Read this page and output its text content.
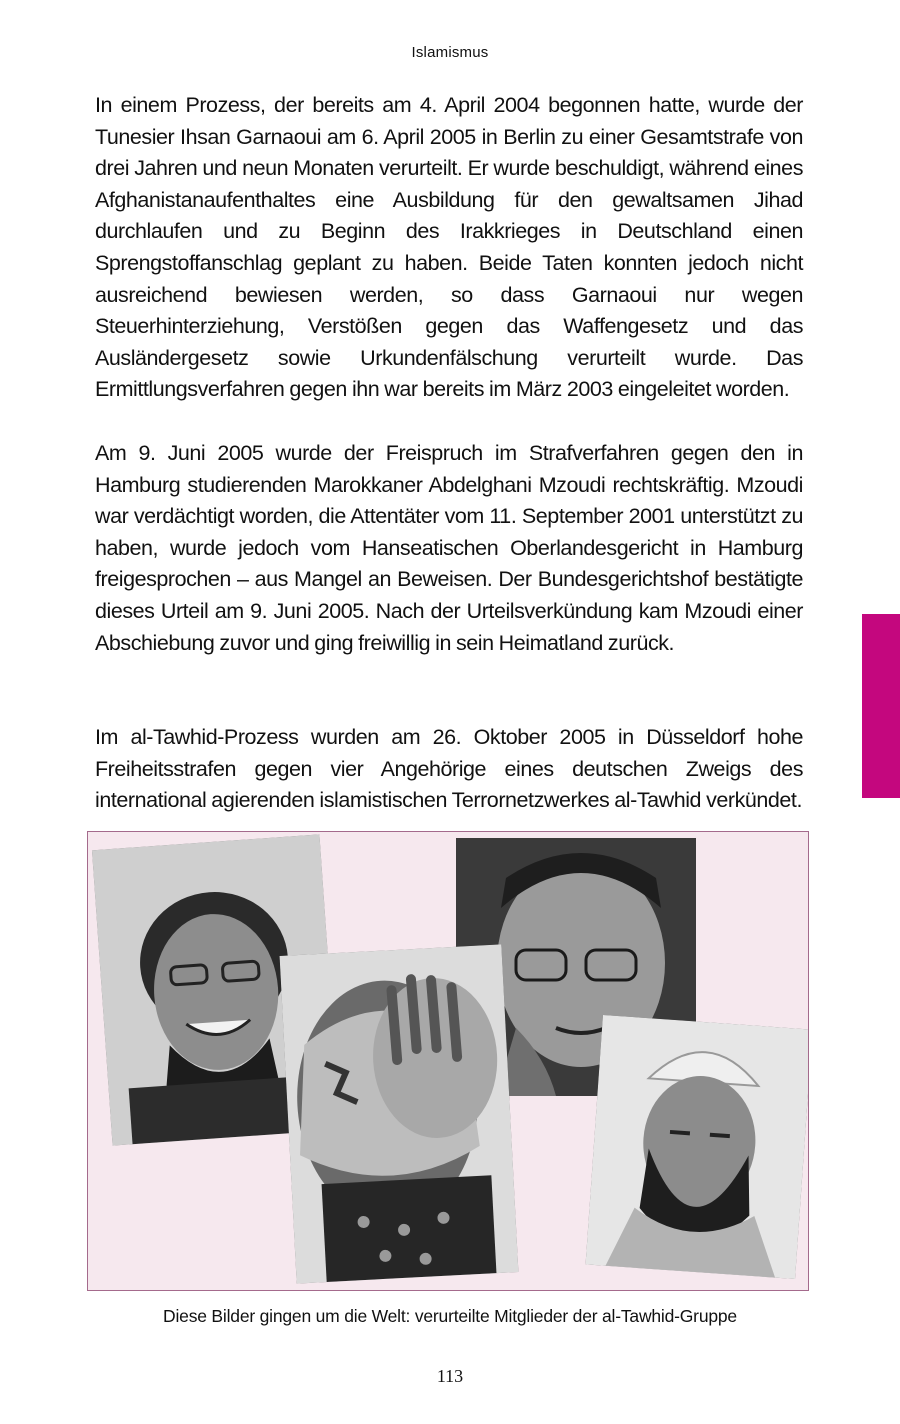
Islamismus
In einem Prozess, der bereits am 4. April 2004 begonnen hatte, wurde der Tunesier Ihsan Garnaoui am 6. April 2005 in Berlin zu einer Gesamtstrafe von drei Jahren und neun Monaten verurteilt. Er wurde beschuldigt, während eines Afghanistanaufenthaltes eine Ausbildung für den gewaltsamen Jihad durchlaufen und zu Beginn des Irakkrieges in Deutschland einen Sprengstoffanschlag geplant zu haben. Beide Taten konnten jedoch nicht ausreichend bewiesen werden, so dass Garnaoui nur wegen Steuerhinterziehung, Verstößen gegen das Waffengesetz und das Ausländergesetz sowie Urkundenfälschung verurteilt wurde. Das Ermittlungsverfahren gegen ihn war bereits im März 2003 eingeleitet worden.
Am 9. Juni 2005 wurde der Freispruch im Strafverfahren gegen den in Hamburg studierenden Marokkaner Abdelghani Mzoudi rechtskräftig. Mzoudi war verdächtigt worden, die Attentäter vom 11. September 2001 unterstützt zu haben, wurde jedoch vom Hanseatischen Oberlandesgericht in Hamburg freigesprochen – aus Mangel an Beweisen. Der Bundesgerichtshof bestätigte dieses Urteil am 9. Juni 2005. Nach der Urteilsverkündung kam Mzoudi einer Abschiebung zuvor und ging freiwillig in sein Heimatland zurück.
Im al-Tawhid-Prozess wurden am 26. Oktober 2005 in Düsseldorf hohe Freiheitsstrafen gegen vier Angehörige eines deutschen Zweigs des international agierenden islamistischen Terrornetzwerkes al-Tawhid verkündet.
Diese Bilder gingen um die Welt: verurteilte Mitglieder der al-Tawhid-Gruppe
113
